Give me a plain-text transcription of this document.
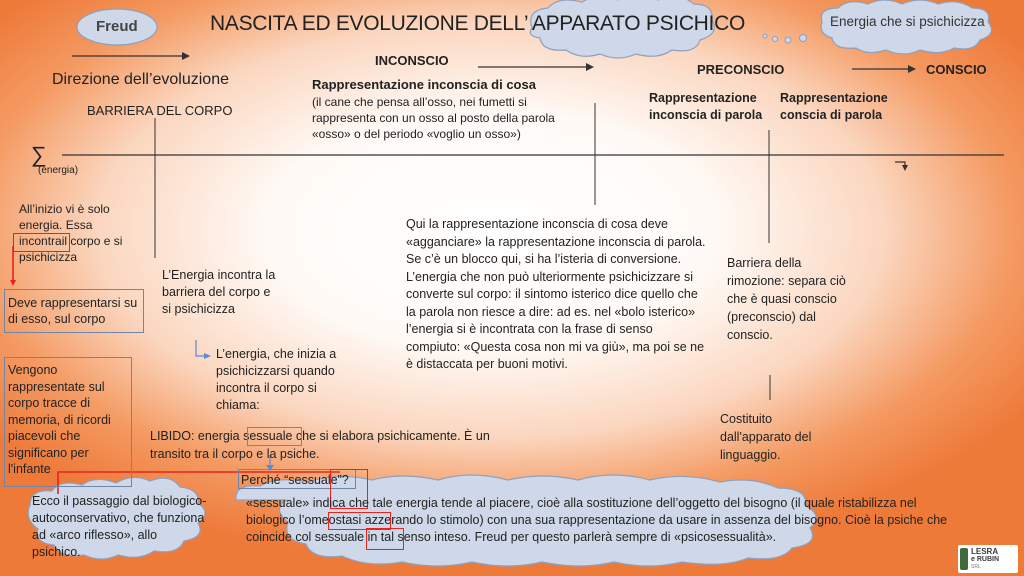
Freud	NASCITA ED EVOLUZIONE DELL’ APPARATO PSICHICO	Energia che si psichicizza
Direzione dell’evoluzione
BARRIERA DEL CORPO
INCONSCIO
PRECONSCIO	CONSCIO
Rappresentazione inconscia di cosa
(il cane che pensa all’osso, nei fumetti si rappresenta con un osso al posto della parola «osso» o del periodo «voglio un osso»)
Rappresentazione inconscia di parola
Rappresentazione conscia di parola
∑
(energia)
All’inizio vi è solo energia. Essa incontrail corpo e si psichicizza
Deve rappresentarsi su di esso, sul corpo
L’Energia incontra la barriera del corpo e si psichicizza
L’energia, che inizia a psichicizzarsi quando incontra il corpo si chiama:
Vengono rappresentate sul corpo tracce di memoria, di ricordi piacevoli che significano per l'infante
LIBIDO: energia sessuale che si elabora psichicamente. È un transito tra il corpo e la psiche.
Perché “sessuale”?
Ecco il passaggio dal biologico-autoconservativo, che funziona ad «arco riflesso», allo psichico.
«sessuale» indica che tale energia tende al piacere, cioè alla sostituzione dell’oggetto del bisogno (il quale ristabilizza nel biologico l’omeostasi azzerando lo stimolo) con una sua rappresentazione da usare in assenza del bisogno. Cioè la psiche che coincide col sessuale in tal senso inteso. Freud per questo parlerà sempre di «psicosessualità».
Qui la rappresentazione inconscia di cosa deve «agganciare» la rappresentazione inconscia di parola. Se c’è un blocco qui, si ha l’isteria di conversione. L’energia che non può ulteriormente psichicizzare si converte sul corpo: il sintomo isterico dice quello che la parola non riesce a dire: ad es. nel «bolo isterico» l’energia si è incontrata con la frase di senso compiuto: «Questa cosa non mi va giù», ma poi se ne è distaccata per buoni motivi.
Barriera della rimozione: separa ciò che è quasi conscio (preconscio) dal conscio.
Costituito dall'apparato del linguaggio.
LESRA
e RUBIN
SRL
